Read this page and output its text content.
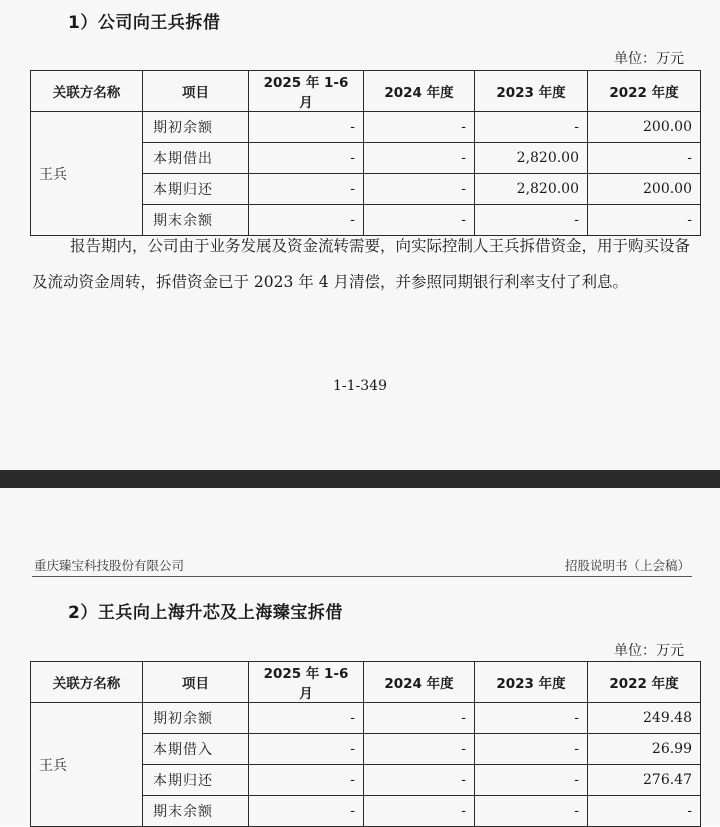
1）公司向王兵拆借
单位：万元
关联方名称	项目	2025 年 1-6 月	2024 年度	2023 年度	2022 年度
王兵	期初余额	-	-	-	200.00
	本期借出	-	-	2,820.00	-
	本期归还	-	-	2,820.00	200.00
	期末余额	-	-	-	-

报告期内，公司由于业务发展及资金流转需要，向实际控制人王兵拆借资金，用于购买设备及流动资金周转，拆借资金已于 2023 年 4 月清偿，并参照同期银行利率支付了利息。

1-1-349
重庆臻宝科技股份有限公司	招股说明书（上会稿）
2）王兵向上海升芯及上海臻宝拆借
单位：万元
关联方名称	项目	2025 年 1-6 月	2024 年度	2023 年度	2022 年度
王兵	期初余额	-	-	-	249.48
	本期借入	-	-	-	26.99
	本期归还	-	-	-	276.47
	期末余额	-	-	-	-
